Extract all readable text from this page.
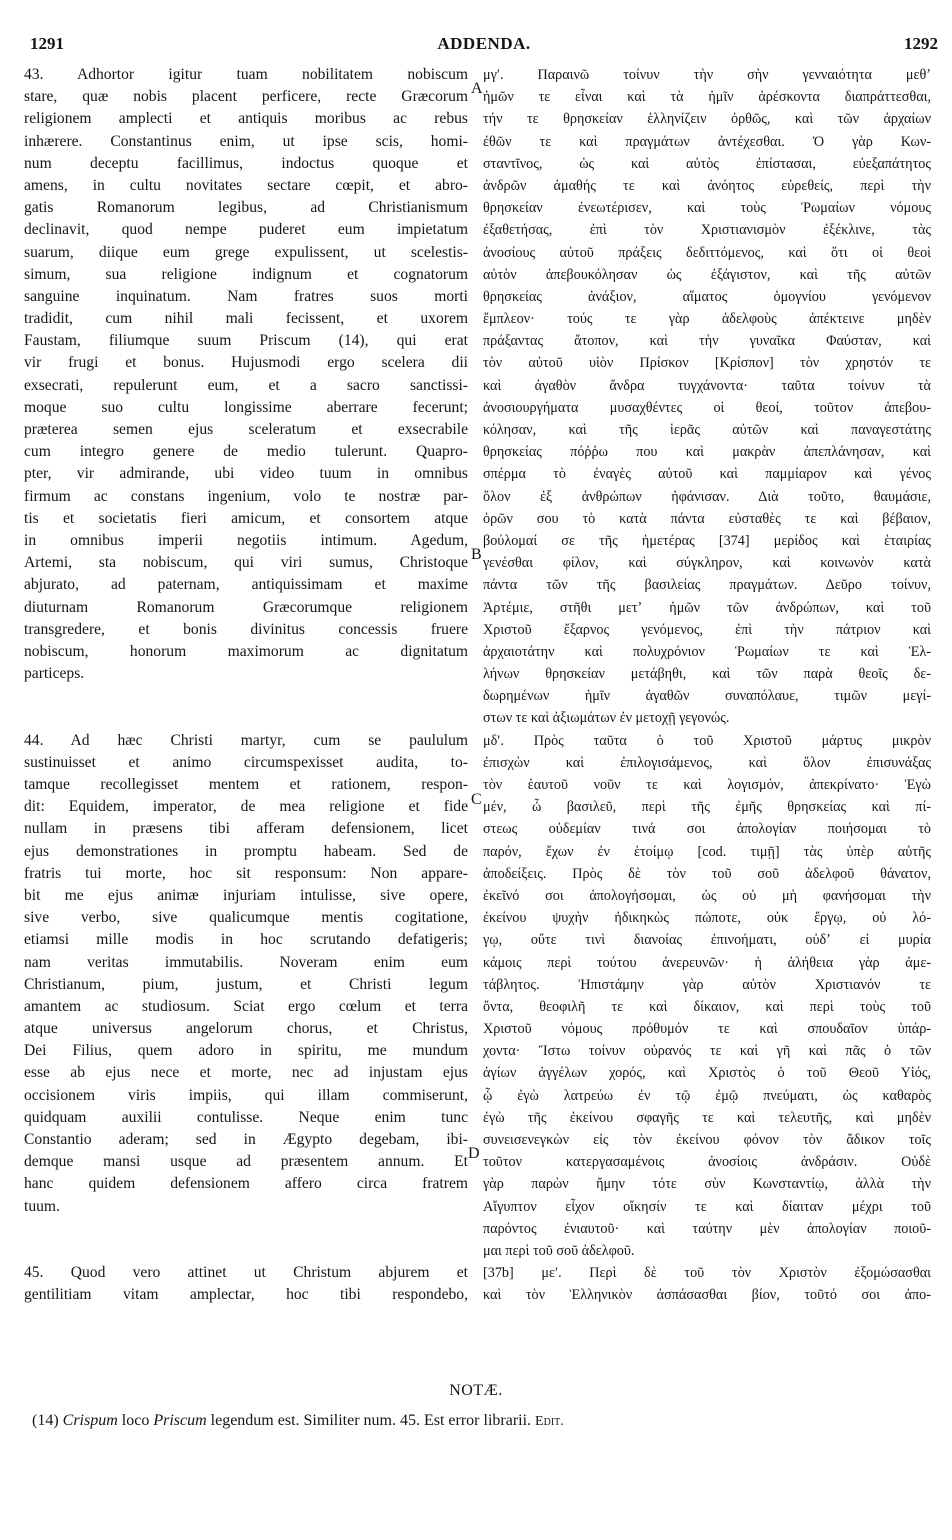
1291	ADDENDA.	1292
43. Adhortor igitur tuam nobilitatem nobiscum
stare, quæ nobis placent perficere, recte Græcorum
religionem amplecti et antiquis moribus ac rebus
inhærere. Constantinus enim, ut ipse scis, homi-
num deceptu facillimus, indoctus quoque et
amens, in cultu novitates sectare cœpit, et abro-
gatis Romanorum legibus, ad Christianismum
declinavit, quod nempe puderet eum impietatum
suarum, diique eum grege expulissent, ut scelestis-
simum, sua religione indignum et cognatorum
sanguine inquinatum. Nam fratres suos morti
tradidit, cum nihil mali fecissent, et uxorem
Faustam, filiumque suum Priscum (14), qui erat
vir frugi et bonus. Hujusmodi ergo scelera dii
exsecrati, repulerunt eum, et a sacro sanctissi-
moque suo cultu longissime aberrare fecerunt;
præterea semen ejus sceleratum et exsecrabile
cum integro genere de medio tulerunt. Quapro-
pter, vir admirande, ubi video tuum in omnibus
firmum ac constans ingenium, volo te nostræ par-
tis et societatis fieri amicum, et consortem atque
in omnibus imperii negotiis intimum. Agedum,
Artemi, sta nobiscum, qui viri sumus, Christoque
abjurato, ad paternam, antiquissimam et maxime
diuturnam Romanorum Græcorumque religionem
transgredere, et bonis divinitus concessis fruere
nobiscum, honorum maximorum ac dignitatum
particeps.
44. Ad hæc Christi martyr, cum se paululum
sustinuisset et animo circumspexisset audita, to-
tamque recollegisset mentem et rationem, respon-
dit: Equidem, imperator, de mea religione et fide
nullam in præsens tibi afferam defensionem, licet
ejus demonstrationes in promptu habeam. Sed de
fratris tui morte, hoc sit responsum: Non appare-
bit me ejus animæ injuriam intulisse, sive opere,
sive verbo, sive qualicumque mentis cogitatione,
etiamsi mille modis in hoc scrutando defatigeris;
nam veritas immutabilis. Noveram enim eum
Christianum, pium, justum, et Christi legum
amantem ac studiosum. Sciat ergo cœlum et terra
atque universus angelorum chorus, et Christus,
Dei Filius, quem adoro in spiritu, me mundum
esse ab ejus nece et morte, nec ad injustam ejus
occisionem viris impiis, qui illam commiserunt,
quidquam auxilii contulisse. Neque enim tunc
Constantio aderam; sed in Ægypto degebam, ibi-
demque mansi usque ad præsentem annum. Et
hanc quidem defensionem affero circa fratrem
tuum.
45. Quod vero attinet ut Christum abjurem et
gentilitiam vitam amplectar, hoc tibi respondebo,
μγʹ. Παραινῶ τοίνυν τὴν σὴν γενναιότητα μεθʼ
ἡμῶν τε εἶναι καὶ τὰ ἡμῖν ἀρέσκοντα διαπράττεσθαι,
τήν τε θρησκείαν ἑλληνίζειν ὀρθῶς, καὶ τῶν ἀρχαίων
ἐθῶν τε καὶ πραγμάτων ἀντέχεσθαι. Ὁ γὰρ Κων-
σταντῖνος, ὡς καὶ αὐτὸς ἐπίστασαι, εὐεξαπάτητος
ἀνδρῶν ἀμαθής τε καὶ ἀνόητος εὑρεθείς, περὶ τὴν
θρησκείαν ἐνεωτέρισεν, καὶ τοὺς Ῥωμαίων νόμους
ἐξαθετήσας, ἐπὶ τὸν Χριστιανισμὸν ἐξέκλινε, τὰς
ἀνοσίους αὐτοῦ πράξεις δεδιττόμενος, καὶ ὅτι οἱ θεοὶ
αὐτὸν ἀπεβουκόλησαν ὡς ἐξάγιστον, καὶ τῆς αὐτῶν
θρησκείας ἀνάξιον, αἵματος ὁμογνίου γενόμενον
ἔμπλεον· τούς τε γὰρ ἀδελφοὺς ἀπέκτεινε μηδὲν
πράξαντας ἄτοπον, καὶ τὴν γυναῖκα Φαύσταν, καὶ
τὸν αὐτοῦ υἱὸν Πρίσκον [Κρίσπον] τὸν χρηστόν τε
καὶ ἀγαθὸν ἄνδρα τυγχάνοντα· ταῦτα τοίνυν τὰ
ἀνοσιουργήματα μυσαχθέντες οἱ θεοί, τοῦτον ἀπεβου-
κόλησαν, καὶ τῆς ἱερᾶς αὐτῶν καὶ παναγεστάτης
θρησκείας πόῤῥω που καὶ μακρὰν ἀπεπλάνησαν, καὶ
σπέρμα τὸ ἐναγὲς αὐτοῦ καὶ παμμίαρον καὶ γένος
ὅλον ἐξ ἀνθρώπων ἠφάνισαν. Διὰ τοῦτο, θαυμάσιε,
ὁρῶν σου τὸ κατὰ πάντα εὐσταθὲς τε καὶ βέβαιον,
βούλομαί σε τῆς ἡμετέρας [374] μερίδος καὶ ἑταιρίας
γενέσθαι φίλον, καὶ σύγκληρον, καὶ κοινωνὸν κατὰ
πάντα τῶν τῆς βασιλείας πραγμάτων. Δεῦρο τοίνυν,
Ἀρτέμιε, στῆθι μετʼ ἡμῶν τῶν ἀνδρώπων, καὶ τοῦ
Χριστοῦ ἔξαρνος γενόμενος, ἐπὶ τὴν πάτριον καὶ
ἀρχαιοτάτην καὶ πολυχρόνιον Ῥωμαίων τε καὶ Ἑλ-
λήνων θρησκείαν μετάβηθι, καὶ τῶν παρὰ θεοῖς δε-
δωρημένων ἡμῖν ἀγαθῶν συναπόλαυε, τιμῶν μεγί-
στων τε καὶ ἀξιωμάτων ἐν μετοχῇ γεγονώς.
μδʹ. Πρὸς ταῦτα ὁ τοῦ Χριστοῦ μάρτυς μικρὸν
ἐπισχὼν καὶ ἐπιλογισάμενος, καὶ ὅλον ἐπισυνάξας
τὸν ἑαυτοῦ νοῦν τε καὶ λογισμόν, ἀπεκρίνατο· Ἐγὼ
μέν, ὦ βασιλεῦ, περὶ τῆς ἐμῆς θρησκείας καὶ πί-
στεως οὐδεμίαν τινά σοι ἀπολογίαν ποιήσομαι τὸ
παρόν, ἔχων ἐν ἑτοίμῳ [cod. τιμῇ] τὰς ὑπὲρ αὐτῆς
ἀποδείξεις. Πρὸς δὲ τὸν τοῦ σοῦ ἀδελφοῦ θάνατον,
ἐκεῖνό σοι ἀπολογήσομαι, ὡς οὐ μὴ φανήσομαι τὴν
ἐκείνου ψυχὴν ἠδικηκὼς πώποτε, οὐκ ἔργῳ, οὐ λό-
γῳ, οὔτε τινὶ διανοίας ἐπινοήματι, οὐδʼ εἰ μυρία
κάμοις περὶ τούτου ἀνερευνῶν· ἡ ἀλήθεια γὰρ ἀμε-
τάβλητος. Ἠπιστάμην γὰρ αὐτὸν Χριστιανόν τε
ὄντα, θεοφιλῆ τε καὶ δίκαιον, καὶ περὶ τοὺς τοῦ
Χριστοῦ νόμους πρόθυμόν τε καὶ σπουδαῖον ὑπάρ-
χοντα· Ἴστω τοίνυν οὐρανός τε καὶ γῆ καὶ πᾶς ὁ τῶν
ἁγίων ἀγγέλων χορός, καὶ Χριστὸς ὁ τοῦ Θεοῦ Υἱός,
ᾧ ἐγὼ λατρεύω ἐν τῷ ἐμῷ πνεύματι, ὡς καθαρὸς
ἐγὼ τῆς ἐκείνου σφαγῆς τε καὶ τελευτῆς, καὶ μηδὲν
συνεισενεγκὼν εἰς τὸν ἐκείνου φόνον τὸν ἄδικον τοῖς
τοῦτον κατεργασαμένοις ἀνοσίοις ἀνδράσιν. Οὐδὲ
γὰρ παρὼν ἤμην τότε σὺν Κωνσταντίῳ, ἀλλὰ τὴν
Αἴγυπτον εἶχον οἴκησίν τε καὶ δίαιταν μέχρι τοῦ
παρόντος ἐνιαυτοῦ· καὶ ταύτην μὲν ἀπολογίαν ποιοῦ-
μαι περὶ τοῦ σοῦ ἀδελφοῦ.
[37b] μεʹ. Περὶ δὲ τοῦ τὸν Χριστὸν ἐξομώσασθαι
καὶ τὸν Ἑλληνικὸν ἀσπάσασθαι βίον, τοῦτό σοι ἀπο-
A
B
C
D
NOTÆ.
(14) Crispum loco Priscum legendum est. Similiter num. 45. Est error librarii. Edit.
